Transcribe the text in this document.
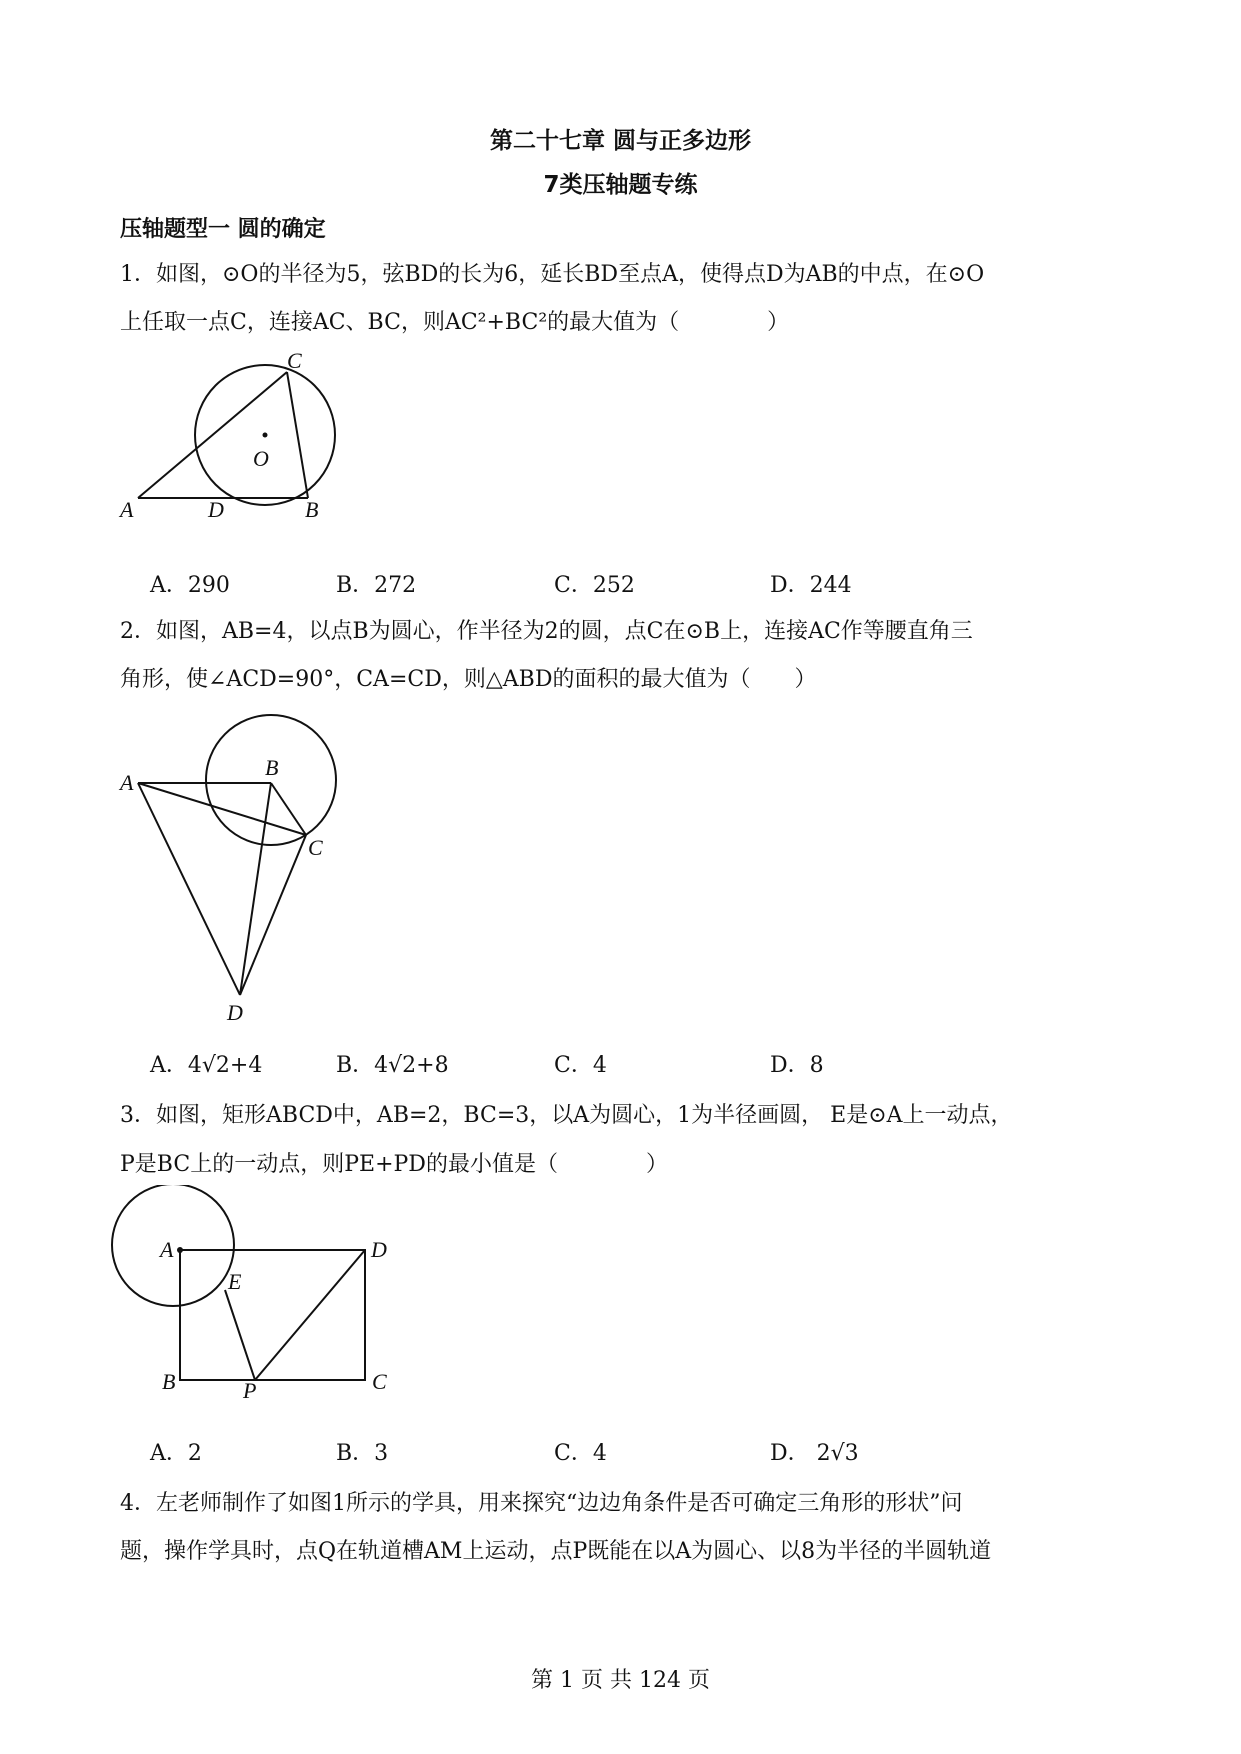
第二十七章 圆与正多边形
7类压轴题专练
压轴题型一 圆的确定
1．如图，⊙O的半径为5，弦BD的长为6，延长BD至点A，使得点D为AB的中点，在⊙O
上任取一点C，连接AC、BC，则AC²+BC²的最大值为（　　　　）
C
O
A	D	B
A．290	B．272	C．252	D．244
2．如图，AB=4，以点B为圆心，作半径为2的圆，点C在⊙B上，连接AC作等腰直角三
角形，使∠ACD=90°，CA=CD，则△ABD的面积的最大值为（　　）
A
B
C
D
A．4√2+4	B．4√2+8	C．4	D．8
3．如图，矩形ABCD中，AB=2，BC=3，以A为圆心，1为半径画圆， E是⊙A上一动点，
P是BC上的一动点，则PE+PD的最小值是（　　　　）
A	D
E
B	P	C
A．2	B．3	C．4	D． 2√3
4．左老师制作了如图1所示的学具，用来探究“边边角条件是否可确定三角形的形状”问
题，操作学具时，点Q在轨道槽AM上运动，点P既能在以A为圆心、以8为半径的半圆轨道
第 1 页 共 124 页
